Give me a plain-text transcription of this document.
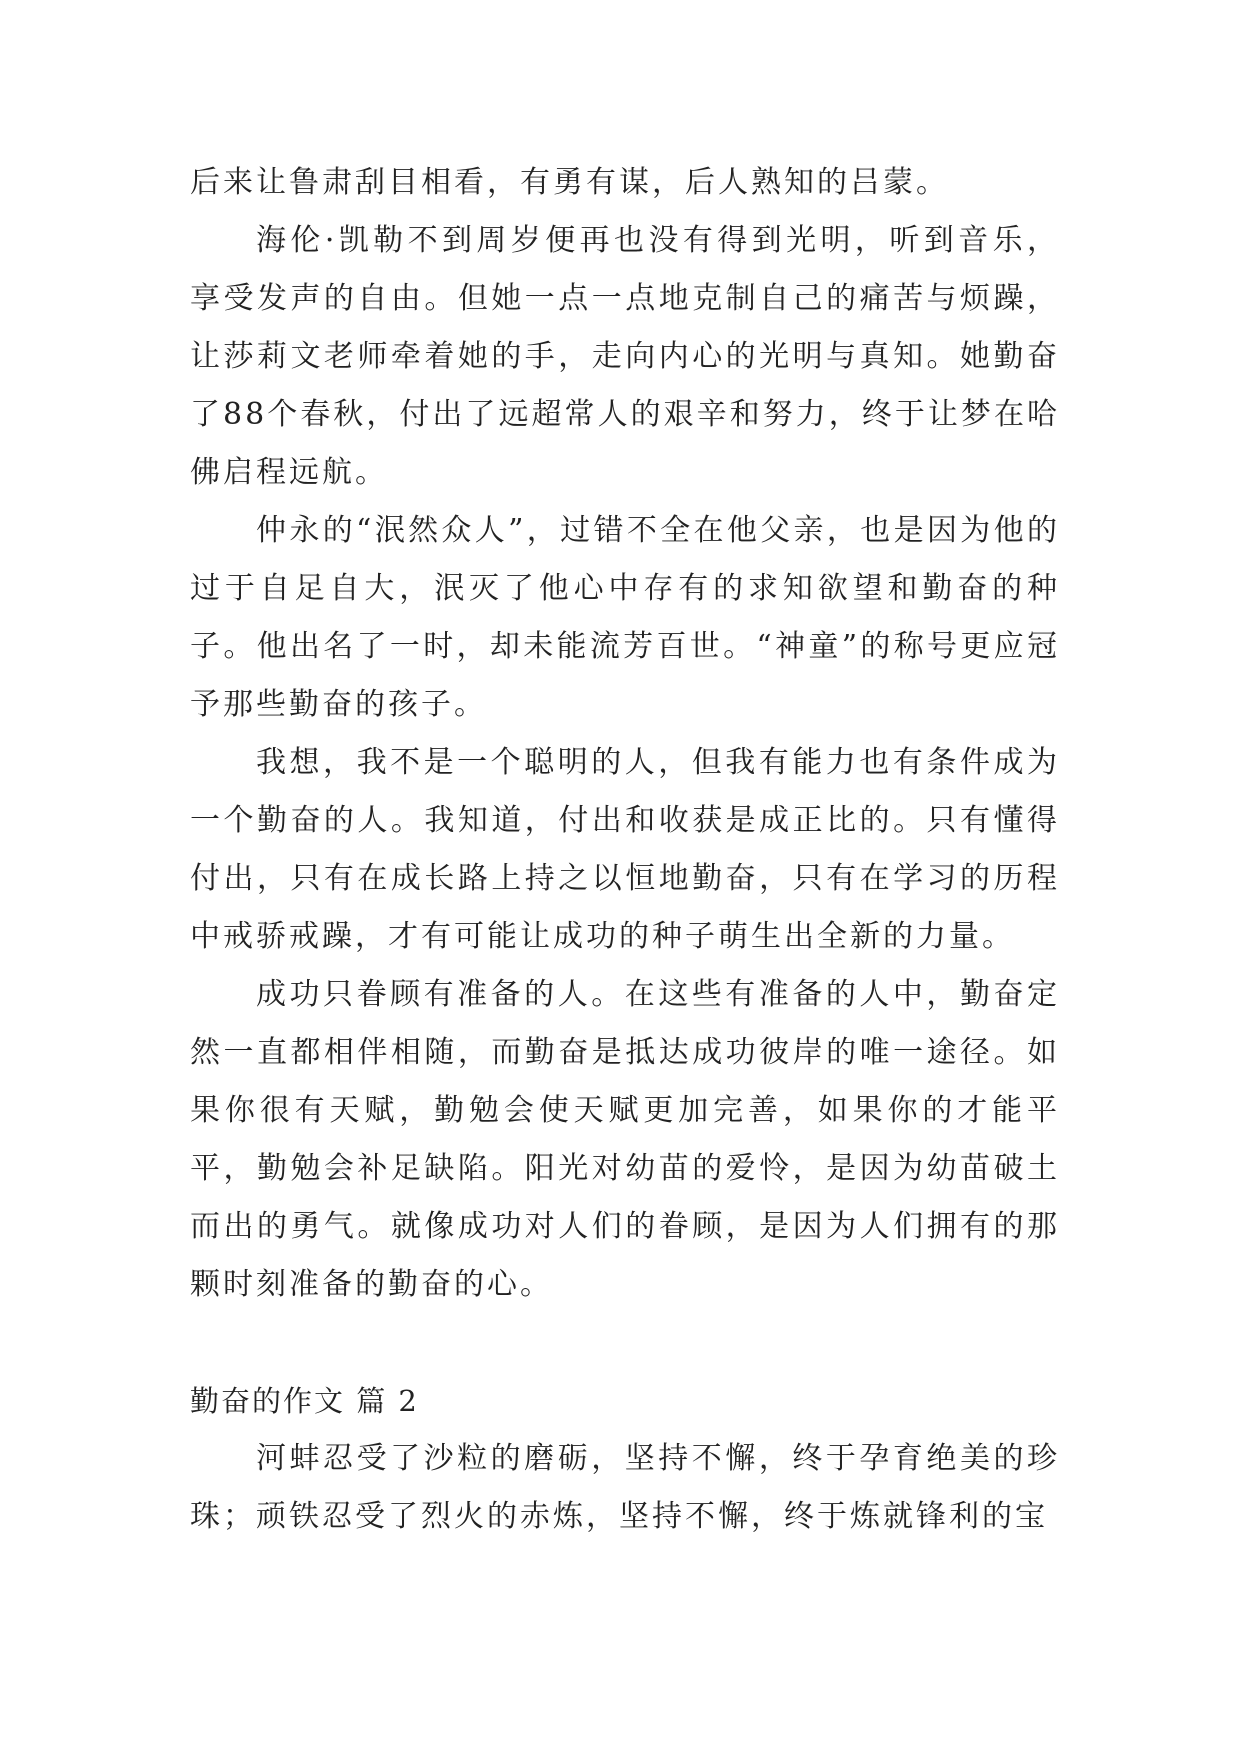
后来让鲁肃刮目相看，有勇有谋，后人熟知的吕蒙。

海伦·凯勒不到周岁便再也没有得到光明，听到音乐，享受发声的自由。但她一点一点地克制自己的痛苦与烦躁，让莎莉文老师牵着她的手，走向内心的光明与真知。她勤奋了88个春秋，付出了远超常人的艰辛和努力，终于让梦在哈佛启程远航。

仲永的“泯然众人”，过错不全在他父亲，也是因为他的过于自足自大，泯灭了他心中存有的求知欲望和勤奋的种子。他出名了一时，却未能流芳百世。“神童”的称号更应冠予那些勤奋的孩子。

我想，我不是一个聪明的人，但我有能力也有条件成为一个勤奋的人。我知道，付出和收获是成正比的。只有懂得付出，只有在成长路上持之以恒地勤奋，只有在学习的历程中戒骄戒躁，才有可能让成功的种子萌生出全新的力量。

成功只眷顾有准备的人。在这些有准备的人中，勤奋定然一直都相伴相随，而勤奋是抵达成功彼岸的唯一途径。如果你很有天赋，勤勉会使天赋更加完善，如果你的才能平平，勤勉会补足缺陷。阳光对幼苗的爱怜，是因为幼苗破土而出的勇气。就像成功对人们的眷顾，是因为人们拥有的那颗时刻准备的勤奋的心。

勤奋的作文 篇 2

河蚌忍受了沙粒的磨砺，坚持不懈，终于孕育绝美的珍珠；顽铁忍受了烈火的赤炼，坚持不懈，终于炼就锋利的宝
